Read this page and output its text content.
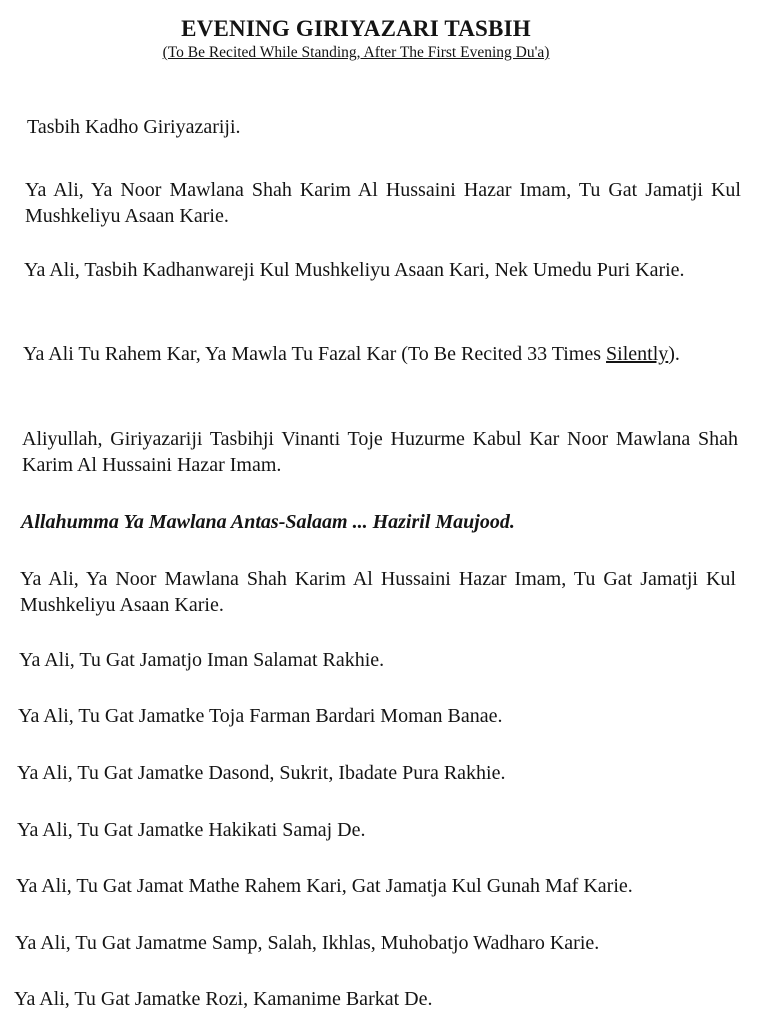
EVENING GIRIYAZARI TASBIH

(To Be Recited While Standing, After The First Evening Du'a)

Tasbih Kadho Giriyazariji.

Ya Ali, Ya Noor Mawlana Shah Karim Al Hussaini Hazar Imam, Tu Gat Jamatji Kul Mushkeliyu Asaan Karie.

Ya Ali, Tasbih Kadhanwareji Kul Mushkeliyu Asaan Kari, Nek Umedu Puri Karie.

Ya Ali Tu Rahem Kar, Ya Mawla Tu Fazal Kar (To Be Recited 33 Times Silently).

Aliyullah, Giriyazariji Tasbihji Vinanti Toje Huzurme Kabul Kar Noor Mawlana Shah Karim Al Hussaini Hazar Imam.

Allahumma Ya Mawlana Antas-Salaam ... Haziril Maujood.

Ya Ali, Ya Noor Mawlana Shah Karim Al Hussaini Hazar Imam, Tu Gat Jamatji Kul Mushkeliyu Asaan Karie.

Ya Ali, Tu Gat Jamatjo Iman Salamat Rakhie.

Ya Ali, Tu Gat Jamatke Toja Farman Bardari Moman Banae.

Ya Ali, Tu Gat Jamatke Dasond, Sukrit, Ibadate Pura Rakhie.

Ya Ali, Tu Gat Jamatke Hakikati Samaj De.

Ya Ali, Tu Gat Jamat Mathe Rahem Kari, Gat Jamatja Kul Gunah Maf Karie.

Ya Ali, Tu Gat Jamatme Samp, Salah, Ikhlas, Muhobatjo Wadharo Karie.

Ya Ali, Tu Gat Jamatke Rozi, Kamanime Barkat De.
